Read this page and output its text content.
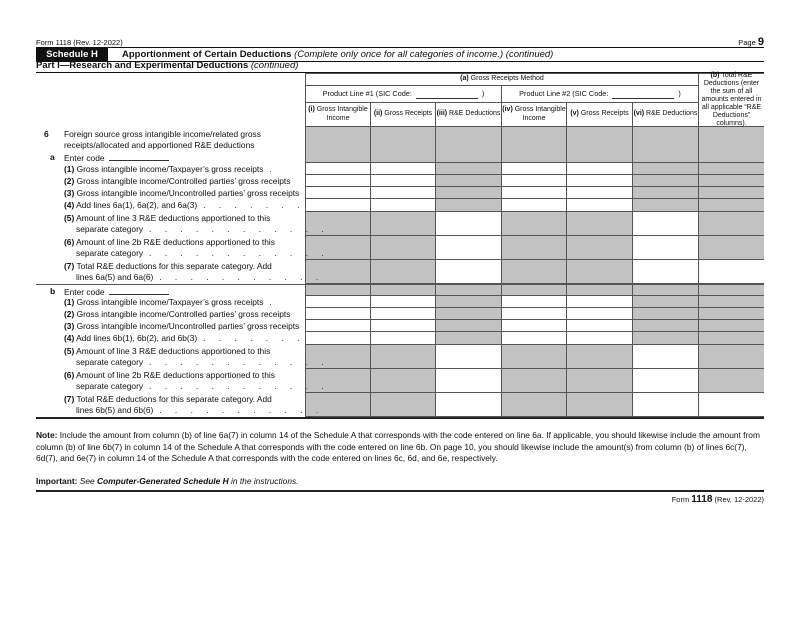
Form 1118 (Rev. 12-2022)	Page 9
Schedule H	Apportionment of Certain Deductions (Complete only once for all categories of income.) (continued)
Part I—Research and Experimental Deductions (continued)
(a) Gross Receipts Method
(b) Total R&E Deductions (enter the sum of all amounts entered in all applicable “R&E Deductions” columns).
Product Line #1 (SIC Code:	)	Product Line #2 (SIC Code:	)
(i) Gross Intangible Income
(ii) Gross Receipts (iii) R&E Deductions
(iv) Gross Intangible Income
(v) Gross Receipts (vi) R&E Deductions
6 Foreign source gross intangible income/related gross
receipts/allocated and apportioned R&E deductions
a Enter code
(1) Gross intangible income/Taxpayer’s gross receipts .
(2) Gross intangible income/Controlled parties’ gross receipts
(3) Gross intangible income/Uncontrolled parties’ gross receipts
(4) Add lines 6a(1), 6a(2), and 6a(3) . . . . . . .
(5) Amount of line 3 R&E deductions apportioned to this
separate category . . . . . . . . . . . .
(6) Amount of line 2b R&E deductions apportioned to this
separate category . . . . . . . . . . . .
(7) Total R&E deductions for this separate category. Add
lines 6a(5) and 6a(6) . . . . . . . . . . .
b Enter code
(1) Gross intangible income/Taxpayer’s gross receipts .
(2) Gross intangible income/Controlled parties’ gross receipts
(3) Gross intangible income/Uncontrolled parties’ gross receipts
(4) Add lines 6b(1), 6b(2), and 6b(3) . . . . . . .
(5) Amount of line 3 R&E deductions apportioned to this
separate category . . . . . . . . . . . .
(6) Amount of line 2b R&E deductions apportioned to this
separate category . . . . . . . . . . . .
(7) Total R&E deductions for this separate category. Add
lines 6b(5) and 6b(6) . . . . . . . . . . .
Note: Include the amount from column (b) of line 6a(7) in column 14 of the Schedule A that corresponds with the code entered on line 6a. If applicable, you should likewise include the amount from column (b) of line 6b(7) in column 14 of the Schedule A that corresponds with the code entered on line 6b. On page 10, you should likewise include the amount(s) from column (b) of lines 6c(7), 6d(7), and 6e(7) in column 14 of the Schedule A that corresponds with the code entered on lines 6c, 6d, and 6e, respectively.
Important: See Computer-Generated Schedule H in the instructions.
Form 1118 (Rev. 12-2022)
